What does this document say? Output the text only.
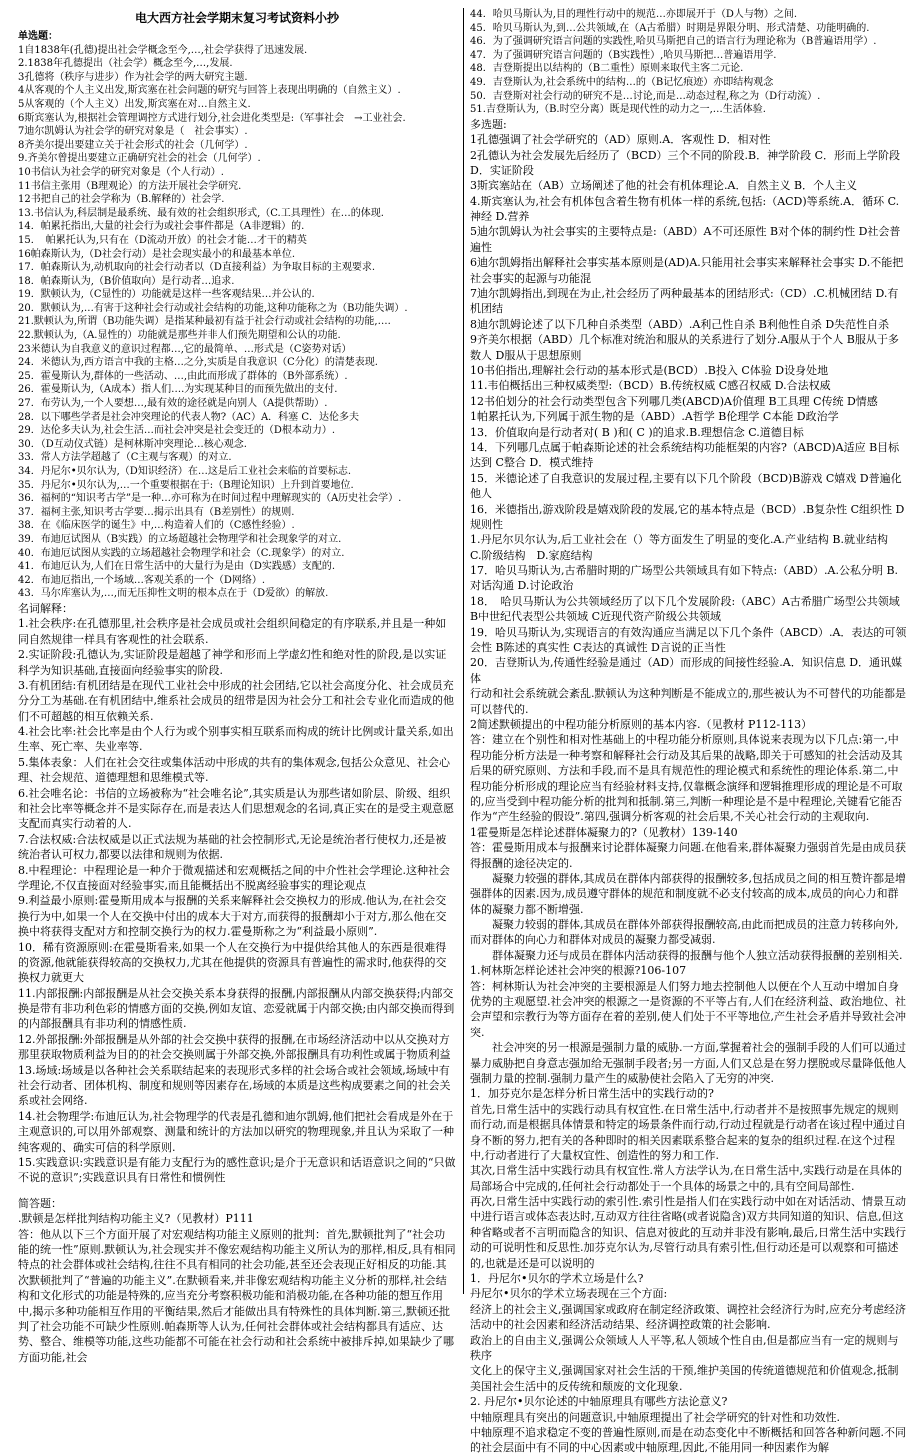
电大西方社会学期末复习考试资料小抄

单选题：

1自1838年(孔德)提出社会学概念至今,…,社会学获得了迅速发展.

2.1838年孔德提出（社会学）概念至今,…,发展.

3孔德将（秩序与进步）作为社会学的两大研究主题.

4从客观的个人主义出发,斯宾塞在社会问题的研究与回答上表现出明确的（自然主义）.

5从客观的（个人主义）出发,斯宾塞在对…自然主义.

6斯宾塞认为,根据社会管理调控方式进行划分,社会进化类型是:（军事社会　→工业社会.

7迪尔凯姆认为社会学的研究对象是（　社会事实）.

8齐美尔提出要建立关于社会形式的社会（几何学）.

9.齐美尔曾提出要建立正确研究社会的社会（几何学）.

10书信认为社会学的研究对象是（个人行动）.

11书信主张用（B理观论）的方法开展社会学研究.

12书把自己的社会学称为（B.解释的）社会学.

13.书信认为,科层制是最系统、最有效的社会组织形式,（C.工具理性）在…的体现.

14．帕累托指出,大量的社会行为或社会事件都是（A非逻辑）的.

15．　帕累托认为,只有在（D流动开放）的社会才能…才干的精英

16帕森斯认为,（D社会行动）是社会现实最小的和最基本单位.

17．帕森斯认为,动机取向的社会行动者以（D直接利益）为争取目标的主观要求.

18．帕森斯认为,（B价值取向）是行动者…追求.

19．默顿认为,（C显性的）功能就是这样一些客观结果…并公认的.

20．默顿认为,…有害于这种社会行动或社会结构的功能,这种功能称之为（B功能失调）.

21.默顿认为,所谓（B功能失调）是指某种最初有益于社会行动或社会结构的功能,….

22.默顿认为,（A.显性的）功能就是那些并非人们预先期望和公认的功能.

23米德认为自我意义的意识过程都…,它的最简单、…形式是（C姿势对话）

24．米德认为,西方语言中我的主格…之分,实质是自我意识（C分化）的清楚表现.

25．霍曼斯认为,群体的一些活动、…,由此而形成了群体的（B外部系统）.

26．霍曼斯认为,（A成本）指人们….为实现某种目的而预先做出的支付.

27．布劳认为,一个人要想…,最有效的途径就是向别人（A提供帮助）.

28．以下哪些学者是社会冲突理论的代表人物?（AC）A．科塞 C．达伦多夫

29．达伦多夫认为,社会生活…而社会冲突是社会变迁的（D根本动力）.

30．（D互动仪式链）是柯林斯冲突理论…核心观念.

33．常人方法学超越了（C主观与客观）的对立.

34．丹尼尔•贝尔认为,（D知识经济）在…这是后工业社会来临的首要标志.

35．丹尼尔•贝尔认为,…一个重要根据在于:（B理论知识）上升到首要地位.

36．福柯的“知识考古学”是一种…亦可称为在时间过程中理解现实的（A历史社会学）.

37．福柯主张,知识考古学要…揭示出具有（B差别性）的规则.

38．在《临床医学的诞生》中,…构造着人们的（C感性经验）.

39．布迪厄试图从（B实践）的立场超越社会物理学和社会现象学的对立.

40．布迪厄试图从实践的立场超越社会物理学和社会（C.现象学）的对立.

41．布迪厄认为,人们在日常生活中的大量行为是由（D实践感）支配的.

42．布迪厄指出,一个场域…客观关系的一个（D网络）.

43．马尔库塞认为,…,而无压抑性文明的根本点在于（D爱欲）的解放.

名词解释：

1.社会秩序:在孔德那里,社会秩序是社会成员或社会组织间稳定的有序联系,并且是一种如同自然规律一样具有客观性的社会联系.

2.实证阶段:孔德认为,实证阶段是超越了神学和形而上学虚幻性和绝对性的阶段,是以实证科学为知识基础,直接面向经验事实的阶段.

3.有机团结:有机团结是在现代工业社会中形成的社会团结,它以社会高度分化、社会成员充分分工为基础.在有机团结中,维系社会成员的纽带是因为社会分工和社会专业化而造成的他们不可超越的相互依赖关系.

4.社会比率:社会比率是由个人行为或个别事实相互联系而构成的统计比例或计量关系,如出生率、死亡率、失业率等.

5.集体表象：人们在社会交往或集体活动中形成的共有的集体观念,包括公众意见、社会心理、社会规范、道德理想和思维模式等.

6.社会唯名论：书信的立场被称为“社会唯名论”,其实质是认为那些诸如阶层、阶级、组织和社会比率等概念并不是实际存在,而是表达人们思想观念的名词,真正实在的是受主观意愿支配而真实行动着的人.

7.合法权威:合法权威是以正式法规为基础的社会控制形式,无论是统治者行使权力,还是被统治者认可权力,都要以法律和规则为依据.

8.中程理论：中程理论是一种介于微观描述和宏观概括之间的中介性社会学理论.这种社会学理论,不仅直接面对经验事实,而且能概括出不脱离经验事实的理论观点

9.利益最小原则:霍曼斯用成本与报酬的关系来解释社会交换权力的形成.他认为,在社会交换行为中,如果一个人在交换中付出的成本大于对方,而获得的报酬却小于对方,那么他在交换中将获得支配对方和控制交换行为的权力.霍曼斯称之为“利益最小原则”.

10．稀有资源原则:在霍曼斯看来,如果一个人在交换行为中提供给其他人的东西是很难得的资源,他就能获得较高的交换权力,尤其在他提供的资源具有普遍性的需求时,他获得的交换权力就更大

11.内部报酬:内部报酬是从社会交换关系本身获得的报酬,内部报酬从内部交换获得;内部交换是带有非功利色彩的情感方面的交换,例如友谊、恋爱就属于内部交换;由内部交换而得到的内部报酬具有非功利的情感性质.

12.外部报酬:外部报酬是从外部的社会交换中获得的报酬,在市场经济活动中以从交换对方那里获取物质利益为目的的社会交换则属于外部交换,外部报酬具有功利性或属于物质利益

13.场域:场域是以各种社会关系联结起来的表现形式多样的社会场合或社会领域,场域中有社会行动者、团体机构、制度和规则等因素存在,场域的本质是这些构成要素之间的社会关系或社会网络.

14.社会物理学:布迪厄认为,社会物理学的代表是孔德和迪尔凯姆,他们把社会看成是外在于主观意识的,可以用外部观察、测量和统计的方法加以研究的物理现象,并且认为采取了一种纯客观的、确实可信的科学原则.

15.实践意识:实践意识是有能力支配行为的感性意识;是介于无意识和话语意识之间的“只做不说的意识”;实践意识具有日常性和惯例性

简答题：

.默顿是怎样批判结构功能主义?（见教材）P111

答：他从以下三个方面开展了对宏观结构功能主义原则的批判：首先,默顿批判了“社会功能的统一性”原则.默顿认为,社会现实并不像宏观结构功能主义所认为的那样,相反,具有相同特点的社会群体或社会结构,往往不具有相同的社会功能,甚至还会表现正好相反的功能.其次默顿批判了“普遍的功能主义”.在默顿看来,并非像宏观结构功能主义分析的那样,社会结构和文化形式的功能是特殊的,应当充分考察积极功能和消极功能,在各种功能的想互作用中,揭示多种功能相互作用的平衡结果,然后才能做出具有特殊性的具体判断.第三,默顿还批判了社会功能不可缺少性原则.帕森斯等人认为,任何社会群体或社会结构都具有适应、达势、整合、维模等功能,这些功能都不可能在社会行动和社会系统中被排斥掉,如果缺少了哪方面功能,社会

44．哈贝马斯认为,目的理性行动中的规范…亦即展开于（D人与物）之间.

45．哈贝马斯认为,到…公共领域,在（A古希腊）时期是界限分明、形式清楚、功能明确的.

46．为了强调研究语言问题的实践性,哈贝马斯把自己的语言行为理论称为（B普遍语用学）.

47．为了强调研究语言问题的（B实践性）,哈贝马斯把…普遍语用学.

48．吉登斯提出以结构的（B二重性）原则来取代主客二元论.

49．吉登斯认为,社会系统中的结构…的（B记忆痕迹）亦即结构观念

50．吉登斯对社会行动的研究不是…讨论,而是…动态过程,称之为（D行动流）.

51.吉登斯认为,（B.时空分离）既是现代性的动力之一,…生活体验.

多选题:

1孔德强调了社会学研究的（AD）原则.A．客观性 D．相对性

2孔德认为社会发展先后经历了（BCD）三个不同的阶段.B．神学阶段 C．形而上学阶段 D．实证阶段

3斯宾塞站在（AB）立场阐述了他的社会有机体理论.A．自然主义 B．个人主义

4.斯宾塞认为,社会有机体包含着生物有机体一样的系统,包括:（ACD)等系统.A．循环 C.神经 D.营养

5迪尔凯姆认为社会事实的主要特点是:（ABD）A不可还原性 B对个体的制约性 D社会普遍性

6迪尔凯姆指出解释社会事实基本原则是(AD)A.只能用社会事实来解释社会事实 D.不能把社会事实的起源与功能混

7迪尔凯姆指出,到现在为止,社会经历了两种最基本的团结形式:（CD）.C.机械团结 D.有机团结

8迪尔凯姆论述了以下几种自杀类型（ABD）.A利己性自杀 B利他性自杀 D失范性自杀

9齐美尔根据（ABD）几个标准对统治和服从的关系进行了划分.A服从于个人 B服从于多数人 D服从于思想原则

10书伯指出,理解社会行动的基本形式是(BCD）.B投入 C体验 D设身处地

11.韦伯概括出三种权威类型:（BCD）B.传统权威 C感召权威 D.合法权威

12书伯划分的社会行动类型包含下列哪几类(ABCD)A价值理 B工具理 C传统 D情感

1帕累托认为,下列属于派生物的是（ABD）.A哲学 B伦理学 C本能 D政治学

13．价值取向是行动者对( B )和( C )的追求.B.理想信念 C.道德目标

14．下列哪几点属于帕森斯论述的社会系统结构功能框架的内容?（ABCD)A适应 B目标达到 C整合 D．模式维持

15．米德论述了自我意识的发展过程,主要有以下几个阶段（BCD)B游戏 C嬉戏 D普遍化他人

16．米德指出,游戏阶段是嬉戏阶段的发展,它的基本特点是（BCD）.B复杂性 C组织性 D规则性

1.丹尼尔贝尔认为,后工业社会在（）等方面发生了明显的变化.A.产业结构 B.就业结构　C.阶级结构　D.家庭结构

17．哈贝马斯认为,古希腊时期的广场型公共领域具有如下特点:（ABD）.A.公私分明 B.对话沟通 D.讨论政治

18．　哈贝马斯认为公共领域经历了以下几个发展阶段:（ABC）A古希腊广场型公共领域 B中世纪代表型公共领域 C近现代资产阶级公共领域

19．哈贝马斯认为,实现语言的有效沟通应当满足以下几个条件（ABCD）.A．表达的可领会性 B陈述的真实性 C表达的真诚性 D言说的正当性

20．吉登斯认为,传通性经验是通过（AD）而形成的间接性经验.A．知识信息 D．通讯媒体

行动和社会系统就会紊乱.默顿认为这种判断是不能成立的,那些被认为不可替代的功能都是可以替代的.

2简述默顿提出的中程功能分析原则的基本内容.（见教材 P112-113）

答：建立在个别性和相对性基础上的中程功能分析原则,具体说来表现为以下几点:第一,中程功能分析方法是一种考察和解释社会行动及其后果的战略,即关于可感知的社会活动及其后果的研究原则、方法和手段,而不是具有规范性的理论模式和系统性的理论体系.第二,中程功能分析形成的理论应当有经验材料支持,仅靠概念演绎和逻辑推理形成的理论是不可取的,应当受到中程功能分析的批判和抵制.第三,判断一种理论是不是中程理论,关键看它能否作为“产生经验的假设”.第四,强调分析客观的社会后果,不关心社会行动的主观取向.

1霍曼斯是怎样论述群体凝聚力的?（见教材）139-140

答：霍曼斯用成本与报酬来讨论群体凝聚力问题.在他看来,群体凝聚力强弱首先是由成员获得报酬的途径决定的.

　　凝聚力较强的群体,其成员在群体内部获得的报酬较多,包括成员之间的相互赞许都是增强群体的因素.因为,成员遵守群体的规范和制度就不必支付较高的成本,成员的向心力和群体的凝聚力都不断增强.

　　凝聚力较弱的群体,其成员在群体外部获得报酬较高,由此而把成员的注意力转移向外,而对群体的向心力和群体对成员的凝聚力都受减弱.

　　群体凝聚力还与成员在群体内活动获得的报酬与他个人独立活动获得报酬的差别相关.

1.柯林斯怎样论述社会冲突的根源?106-107

答：柯林斯认为社会冲突的主要根源是人们努力地去控制他人以便在个人互动中增加自身优势的主观愿望.社会冲突的根源之一是资源的不平等占有,人们在经济利益、政治地位、社会声望和宗教行为等方面存在着的差别,使人们处于不平等地位,产生社会矛盾并导致社会冲突.

　　社会冲突的另一根源是强制力量的威胁.一方面,掌握着社会的强制手段的人们可以通过暴力威胁把自身意志强加给无强制手段者;另一方面,人们又总是在努力摆脱或尽量降低他人强制力量的控制.强制力量产生的威胁使社会陷入了无穷的冲突.

1．加芬克尔是怎样分析日常生活中的实践行动的?

首先,日常生活中的实践行动具有权宜性.在日常生活中,行动者并不是按照事先规定的规则而行动,而是根据具体情景和特定的场景条件而行动,行动过程就是行动者在该过程中通过自身不断的努力,把有关的各种即时的相关因素联系整合起来的复杂的组织过程.在这个过程中,行动者进行了大量权宜性、创造性的努力和工作.

其次,日常生活中实践行动具有权宜性.常人方法学认为,在日常生活中,实践行动是在具体的局部场合中完成的,任何社会行动都处于一个具体的场景之中的,具有空间局部性.

再次,日常生活中实践行动的索引性.索引性是指人们在实践行动中如在对话活动、情景互动中进行语言或体态表达时,互动双方往往省略(或者说隐含)双方共同知道的知识、信息,但这种省略或者不言明而隐含的知识、信息对彼此的互动并非没有影响,最后,日常生活中实践行动的可说明性和反思性.加芬克尔认为,尽管行动具有索引性,但行动还是可以观察和可描述的,也就是还是可以说明的

1．丹尼尔•贝尔的学术立场是什么?

丹尼尔•贝尔的学术立场表现在三个方面:

经济上的社会主义,强调国家或政府在制定经济政策、调控社会经济行为时,应充分考虑经济活动中的社会因素和经济活动结果、经济调控政策的社会影响.

政治上的自由主义,强调公众领域人人平等,私人领域个性自由,但是都应当有一定的规则与秩序

文化上的保守主义,强调国家对社会生活的干预,维护美国的传统道德规范和价值观念,抵制美国社会生活中的反传统和颓废的文化现象.

2. 丹尼尔•贝尔论述的中轴原理具有哪些方法论意义?

中轴原理具有突出的问题意识,中轴原理提出了社会学研究的针对性和功效性.

中轴原理不追求稳定不变的普遍性原则,而是在动态变化中不断概括和回答各种新问题.不同的社会层面中有不同的中心因素或中轴原理,因此,不能用同一种因素作为解
